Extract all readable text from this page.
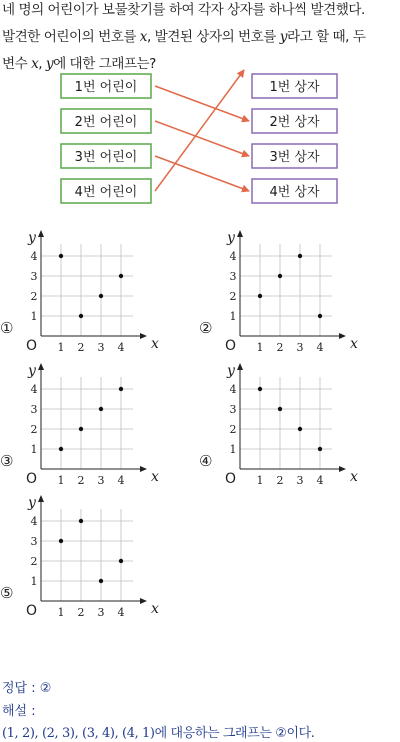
네 명의 어린이가 보물찾기를 하여 각자 상자를 하나씩 발견했다.
발견한 어린이의 번호를 x, 발견된 상자의 번호를 y라고 할 때, 두
변수 x, y에 대한 그래프는?
1번 어린이
2번 어린이
3번 어린이
4번 어린이
1번 상자
2번 상자
3번 상자
4번 상자
x
y
O 1
1
2
2
3
3
4
4
①
x
y
O 1
1
2
2
3
3
4
4
②
x
y
O 1
1
2
2
3
3
4
4
③
x
y
O 1
1
2
2
3
3
4
4
④
x
y
O 1
1
2
2
3
3
4
4
⑤
정답 : ②
해설 :
(1, 2), (2, 3), (3, 4), (4, 1)에 대응하는 그래프는 ②이다.
